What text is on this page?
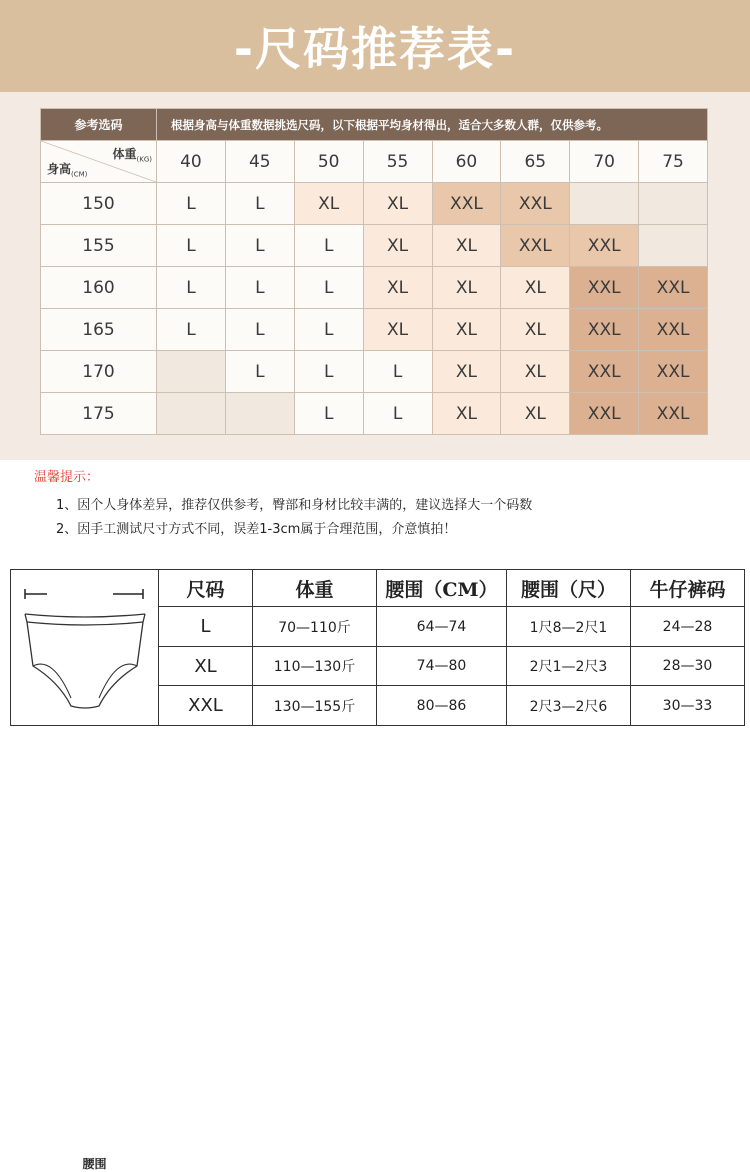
-尺码推荐表-
参考选码	根据身高与体重数据挑选尺码，以下根据平均身材得出，适合大多数人群，仅供参考。							

体重$_{(KG)}$
身高$_{(CM)}$	40	45	50	55	60	65	70	75
150	L	L	XL	XL	XXL	XXL		
155	L	L	L	XL	XL	XXL	XXL	
160	L	L	L	XL	XL	XL	XXL	XXL
165	L	L	L	XL	XL	XL	XXL	XXL
170		L	L	L	XL	XL	XXL	XXL
175			L	L	XL	XL	XXL	XXL
温馨提示：
1、因个人身体差异，推荐仅供参考，臀部和身材比较丰满的，建议选择大一个码数
2、因手工测试尺寸方式不同，误差1-3cm属于合理范围，介意慎拍！
腰围	尺码	体重	腰围（CM）	腰围（尺）	牛仔裤码
	L	70—110斤	64—74	1尺8—2尺1	24—28
	XL	110—130斤	74—80	2尺1—2尺3	28—30
	XXL	130—155斤	80—86	2尺3—2尺6	30—33
